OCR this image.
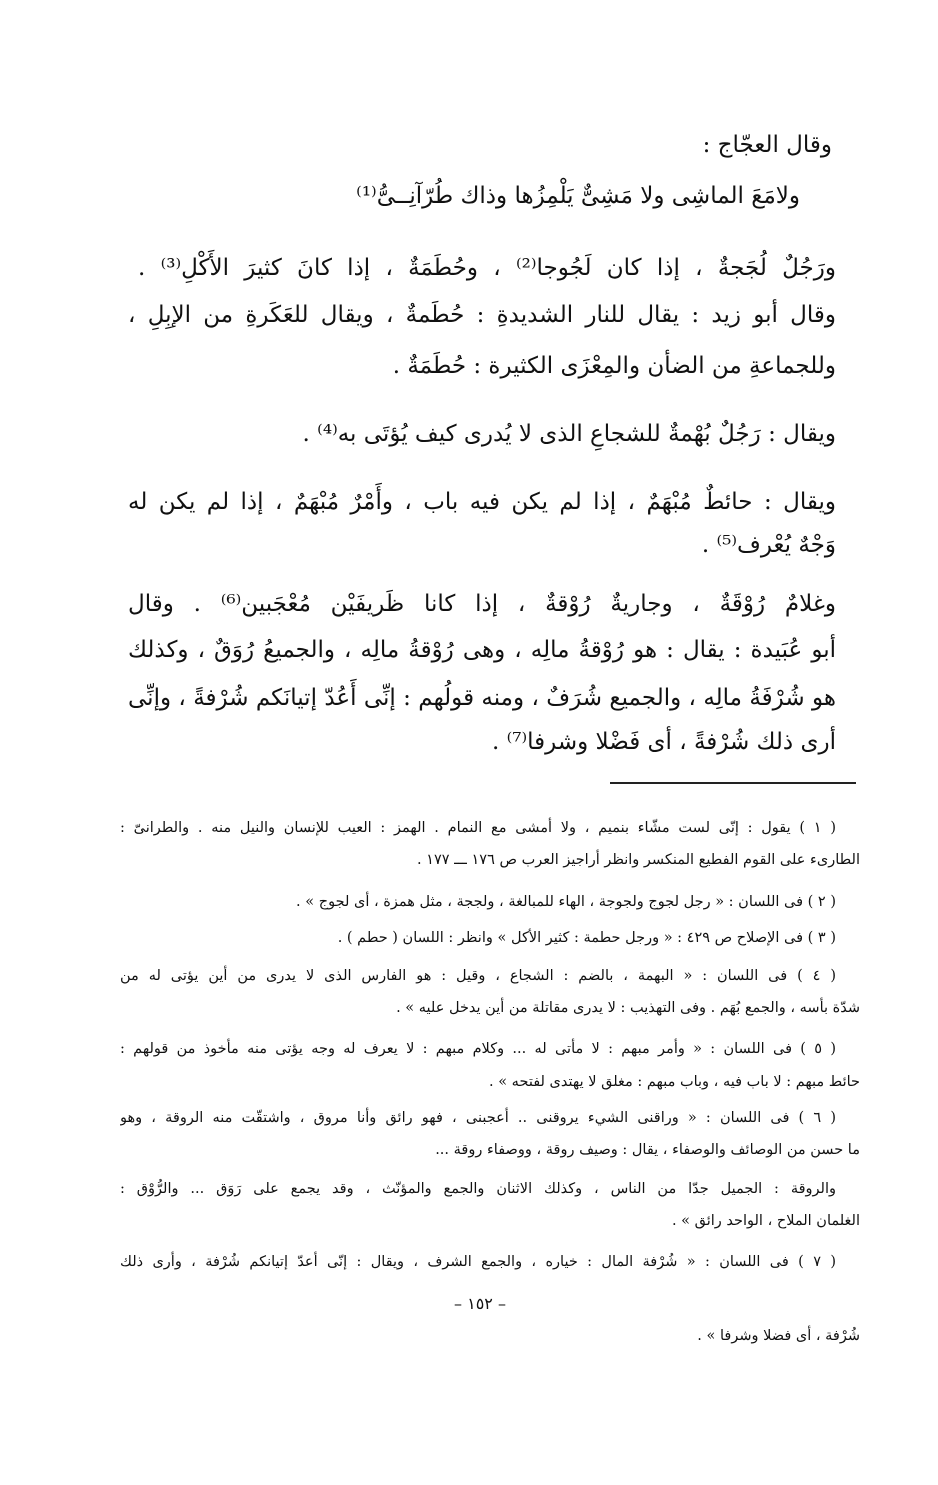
وقال العجّاج :
ولامَعَ الماشِى ولا مَشِىٌّ يَلْمِزُها وذاك طُرّآنِــىُّ⁽¹⁾
ورَجُلٌ لُجَجةٌ ، إذا كان لَجُوجا⁽²⁾ ، وحُطَمَةٌ ، إذا كانَ كثيرَ الأَكْلِ⁽³⁾ .
وقال أبو زيد : يقال للنار الشديدةِ : حُطَمةٌ ، ويقال للعَكَرةِ من الإبِلِ ،
وللجماعةِ من الضأن والمِعْزَى الكثيرة : حُطَمَةٌ .
ويقال : رَجُلٌ بُهْمةٌ للشجاعِ الذى لا يُدرى كيف يُؤتَى به⁽⁴⁾ .
ويقال : حائطٌ مُبْهَمٌ ، إذا لم يكن فيه باب ، وأَمْرٌ مُبْهَمٌ ، إذا لم يكن له
وَجْهٌ يُعْرف⁽⁵⁾ .
وغلامٌ رُوْقَةٌ ، وجاريةٌ رُوْقةٌ ، إذا كانا ظَريفَيْن مُعْجَبين⁽⁶⁾ . وقال
أبو عُبَيدة : يقال : هو رُوْقةُ مالِه ، وهى رُوْقةُ مالِه ، والجميعُ رُوَقٌ ، وكذلك
هو شُرْفَةُ مالِه ، والجميع شُرَفٌ ، ومنه قولُهم : إنِّى أَعُدّ إتيانَكم شُرْفةً ، وإنِّى
أرى ذلك شُرْفةً ، أى فَضْلا وشرفا⁽⁷⁾ .
( ١ ) يقول : إنّى لست مشّاء بنميم ، ولا أمشى مع النمام . الهمز : العيب للإنسان والنيل منه . والطرانىّ :
الطارىء على القوم الفطيع المنكسر وانظر أراجيز العرب ص ١٧٦ ـــ ١٧٧ .
( ٢ ) فى اللسان : « رجل لجوج ولجوجة ، الهاء للمبالغة ، ولججة ، مثل همزة ، أى لجوج » .
( ٣ ) فى الإصلاح ص ٤٢٩ : « ورجل حطمة : كثير الأكل » وانظر : اللسان ( حطم ) .
( ٤ ) فى اللسان : « البهمة ، بالضم : الشجاع ، وقيل : هو الفارس الذى لا يدرى من أين يؤتى له من
شدّة بأسه ، والجمع بُهَم . وفى التهذيب : لا يدرى مقاتلة من أين يدخل عليه » .
( ٥ ) فى اللسان : « وأمر مبهم : لا مأتى له ... وكلام مبهم : لا يعرف له وجه يؤتى منه مأخوذ من قولهم :
حائط مبهم : لا باب فيه ، وباب مبهم : مغلق لا يهتدى لفتحه » .
( ٦ ) فى اللسان : « وراقنى الشيء يروقنى .. أعجبنى ، فهو رائق وأنا مروق ، واشتقّت منه الروقة ، وهو
ما حسن من الوصائف والوصفاء ، يقال : وصيف روقة ، ووصفاء روقة ...
والروقة : الجميل جدّا من الناس ، وكذلك الاثنان والجمع والمؤنّث ، وقد يجمع على رَوَق ... والرُّوْق :
الغلمان الملاح ، الواحد رائق » .
( ٧ ) فى اللسان : « شُرْفة المال : خياره ، والجمع الشرف ، ويقال : إنّى أعدّ إتيانكم شُرْفة ، وأرى ذلك
شُرْفة ، أى فضلا وشرفا » .
– ١٥٢ –
